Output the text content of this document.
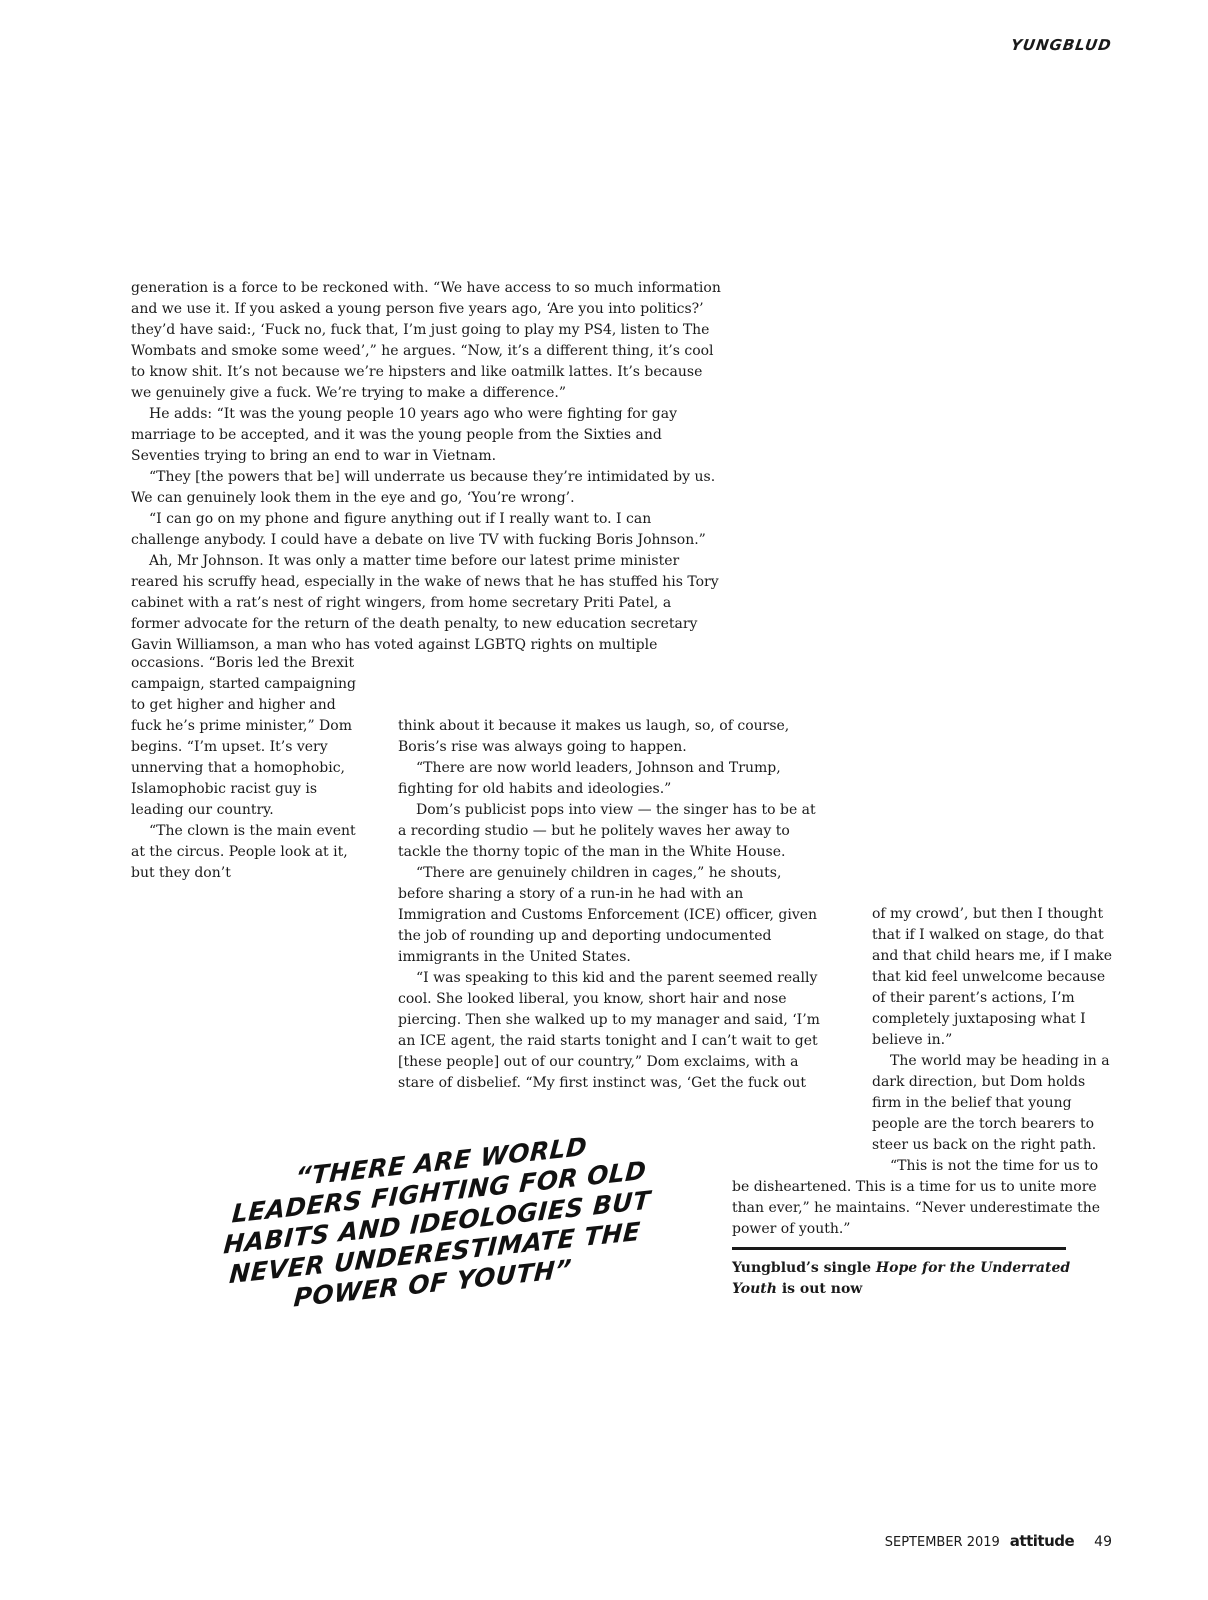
YUNGBLUD

generation is a force to be reckoned with. “We have access to so much information and we use it. If you asked a young person five years ago, ‘Are you into politics?’ they’d have said:, ‘Fuck no, fuck that, I’m just going to play my PS4, listen to The Wombats and smoke some weed’,” he argues. “Now, it’s a different thing, it’s cool to know shit. It’s not because we’re hipsters and like oatmilk lattes. It’s because we genuinely give a fuck. We’re trying to make a difference.”

He adds: “It was the young people 10 years ago who were fighting for gay marriage to be accepted, and it was the young people from the Sixties and Seventies trying to bring an end to war in Vietnam.

“They [the powers that be] will underrate us because they’re intimidated by us. We can genuinely look them in the eye and go, ‘You’re wrong’.

“I can go on my phone and figure anything out if I really want to. I can challenge anybody. I could have a debate on live TV with fucking Boris Johnson.”

Ah, Mr Johnson. It was only a matter time before our latest prime minister reared his scruffy head, especially in the wake of news that he has stuffed his Tory cabinet with a rat’s nest of right wingers, from home secretary Priti Patel, a former advocate for the return of the death penalty, to new education secretary Gavin Williamson, a man who has voted against LGBTQ rights on multiple

occasions. “Boris led the Brexit campaign, started campaigning to get higher and higher and fuck he’s prime minister,” Dom begins. “I’m upset. It’s very unnerving that a homophobic, Islamophobic racist guy is leading our country.

“The clown is the main event at the circus. People look at it, but they don’t

think about it because it makes us laugh, so, of course, Boris’s rise was always going to happen.

“There are now world leaders, Johnson and Trump, fighting for old habits and ideologies.”

Dom’s publicist pops into view — the singer has to be at a recording studio — but he politely waves her away to tackle the thorny topic of the man in the White House.

“There are genuinely children in cages,” he shouts, before sharing a story of a run-in he had with an Immigration and Customs Enforcement (ICE) officer, given the job of rounding up and deporting undocumented immigrants in the United States.

“I was speaking to this kid and the parent seemed really cool. She looked liberal, you know, short hair and nose piercing. Then she walked up to my manager and said, ‘I’m an ICE agent, the raid starts tonight and I can’t wait to get [these people] out of our country,” Dom exclaims, with a stare of disbelief. “My first instinct was, ‘Get the fuck out

of my crowd’, but then I thought that if I walked on stage, do that and that child hears me, if I make that kid feel unwelcome because of their parent’s actions, I’m completely juxtaposing what I believe in.”

The world may be heading in a dark direction, but Dom holds firm in the belief that young people are the torch bearers to steer us back on the right path.

“This is not the time for us to be disheartened. This is a time for us to unite more than ever,” he maintains. “Never underestimate the power of youth.”

Yungblud’s single Hope for the Underrated Youth is out now
“THERE ARE WORLD LEADERS FIGHTING FOR OLD HABITS AND IDEOLOGIES BUT NEVER UNDERESTIMATE THE POWER OF YOUTH”
SEPTEMBER 2019 attitude 49
